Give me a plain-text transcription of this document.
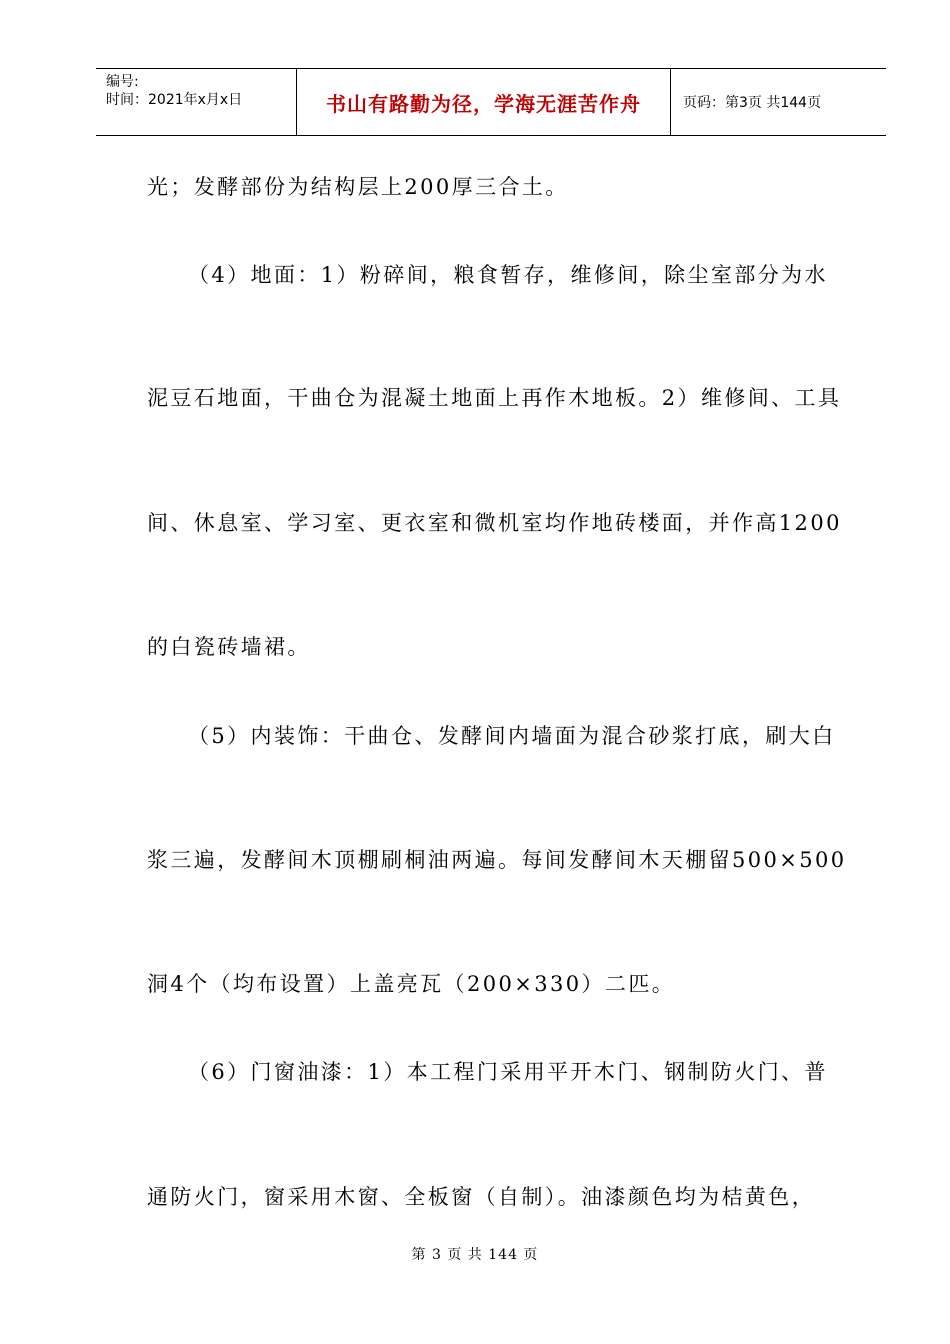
编号:
时间：2021年x月x日	书山有路勤为径，学海无涯苦作舟	页码：第3页 共144页
光；发酵部份为结构层上200厚三合土。
（4）地面：1）粉碎间，粮食暂存，维修间，除尘室部分为水
泥豆石地面，干曲仓为混凝土地面上再作木地板。2）维修间、工具
间、休息室、学习室、更衣室和微机室均作地砖楼面，并作高1200
的白瓷砖墙裙。
（5）内装饰：干曲仓、发酵间内墙面为混合砂浆打底，刷大白
浆三遍，发酵间木顶棚刷桐油两遍。每间发酵间木天棚留500×500
洞4个（均布设置）上盖亮瓦（200×330）二匹。
（6）门窗油漆：1）本工程门采用平开木门、钢制防火门、普
通防火门，窗采用木窗、全板窗（自制）。油漆颜色均为桔黄色，
第 3 页 共 144 页
